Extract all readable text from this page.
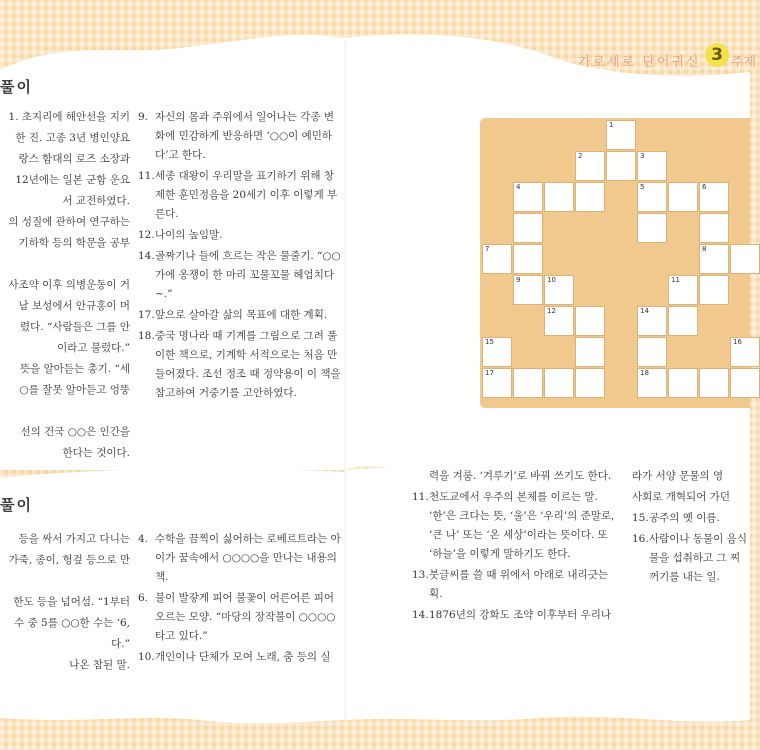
가로세로 단어귀신 3 주제
풀이
1. 초지리에 해안선을 지키
한 진. 고종 3년 병인양요
랑스 함대의 로즈 소장과
12년에는 일본 군함 운요
서 교전하였다.
의 성질에 관하여 연구하는
기하학 등의 학문을 공부
사조약 이후 의병운동이 거
남 보성에서 안규홍이 머
렸다. “사람들은 그를 안
이라고 불렀다.”
뜻을 알아듣는 총기. “세
○를 잘못 알아듣고 엉뚱
선의 건국 ○○은 인간을
한다는 것이다.
9. 자신의 몸과 주위에서 일어나는 각종 변화에 민감하게 반응하면 ‘○○이 예민하다’고 한다.
11. 세종 대왕이 우리말을 표기하기 위해 창제한 훈민정음을 20세기 이후 이렇게 부른다.
12. 나이의 높임말.
14. 골짜기나 들에 흐르는 작은 물줄기. “○○가에 옹쟁이 한 마리 꼬물꼬물 헤엄치다~.”
17. 앞으로 살아갈 삶의 목표에 대한 계획.
18. 중국 명나라 때 기계를 그림으로 그려 풀이한 책으로, 기계학 서적으로는 처음 만들어졌다. 조선 정조 때 정약용이 이 책을 참고하여 거중기를 고안하였다.
1
2	3
4	5	6
7	8
9	10	11
12	14
15	16
17	18
풀이
등을 싸서 가지고 다니는
가죽, 종이, 헝겊 등으로 만
한도 등을 넘어섬. “1부터
수 중 5를 ○○한 수는 ‘6,
다.”
나온 참된 말.
4. 수학을 끔찍이 싫어하는 로베르트라는 아이가 꿈속에서 ○○○○을 만나는 내용의 책.
6. 불이 발갛게 피어 불꽃이 어른어른 피어오르는 모양. “마당의 장작불이 ○○○○ 타고 있다.”
10. 개인이나 단체가 모여 노래, 춤 등의 실
력을 겨룸. ‘겨루기’로 바꿔 쓰기도 한다.
11. 천도교에서 우주의 본체를 이르는 말. ‘한’은 크다는 뜻, ‘울’은 ‘우리’의 준말로, ‘큰 나’ 또는 ‘온 세상’이라는 뜻이다. 또 ‘하늘’을 이렇게 말하기도 한다.
13. 붓글씨를 쓸 때 위에서 아래로 내리긋는 획.
14. 1876년의 강화도 조약 이후부터 우리나
라가 서양 문물의 영
사회로 개혁되어 가던
15. 공주의 옛 이름.
16. 사람이나 동물이 음식물을 섭취하고 그 찌꺼기를 내는 일.
